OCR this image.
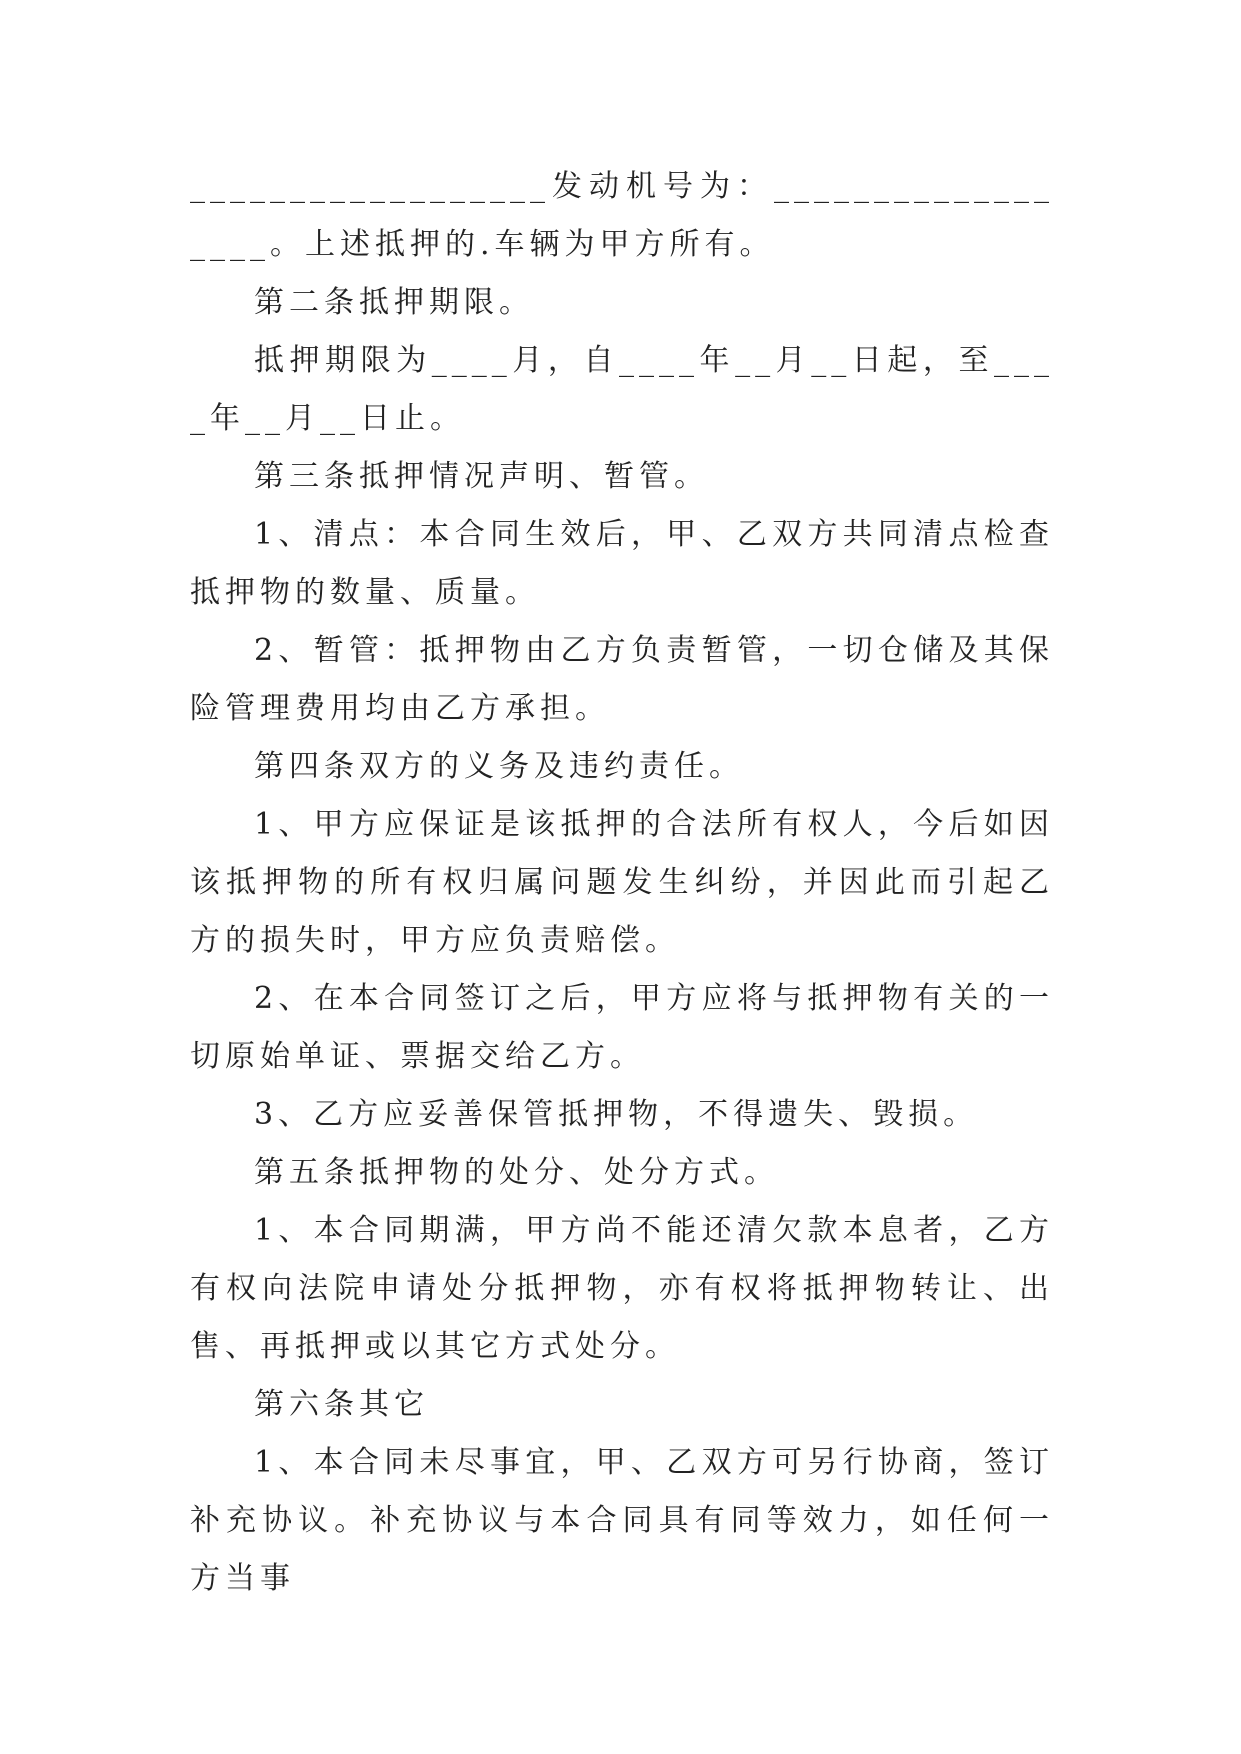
__________________发动机号为：__________________。上述抵押的.车辆为甲方所有。

第二条抵押期限。

抵押期限为____月，自____年__月__日起，至____年__月__日止。

第三条抵押情况声明、暂管。

1、清点：本合同生效后，甲、乙双方共同清点检查抵押物的数量、质量。

2、暂管：抵押物由乙方负责暂管，一切仓储及其保险管理费用均由乙方承担。

第四条双方的义务及违约责任。

1、甲方应保证是该抵押的合法所有权人，今后如因该抵押物的所有权归属问题发生纠纷，并因此而引起乙方的损失时，甲方应负责赔偿。

2、在本合同签订之后，甲方应将与抵押物有关的一切原始单证、票据交给乙方。

3、乙方应妥善保管抵押物，不得遗失、毁损。

第五条抵押物的处分、处分方式。

1、本合同期满，甲方尚不能还清欠款本息者，乙方有权向法院申请处分抵押物，亦有权将抵押物转让、出售、再抵押或以其它方式处分。

第六条其它

1、本合同未尽事宜，甲、乙双方可另行协商，签订补充协议。补充协议与本合同具有同等效力，如任何一方当事
